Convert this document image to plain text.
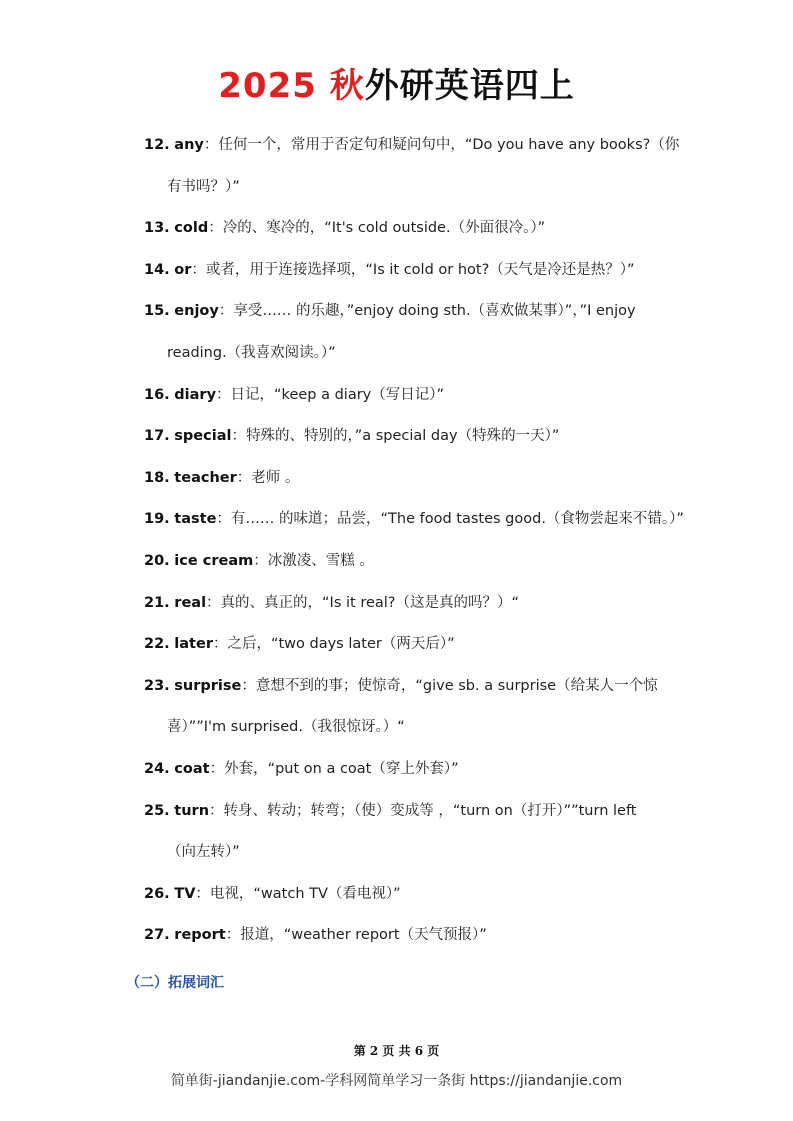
2025 秋外研英语四上
12. any：任何一个，常用于否定句和疑问句中，“Do you have any books?（你
有书吗？）”
13. cold：冷的、寒冷的，“It's cold outside.（外面很冷。）”
14. or：或者，用于连接选择项，“Is it cold or hot?（天气是冷还是热？）”
15. enjoy：享受…… 的乐趣，”enjoy doing sth.（喜欢做某事）”，”I enjoy
reading.（我喜欢阅读。）”
16. diary：日记，“keep a diary（写日记）”
17. special：特殊的、特别的，”a special day（特殊的一天）”
18. teacher：老师 。
19. taste：有…… 的味道；品尝，“The food tastes good.（食物尝起来不错。）”
20. ice cream：冰激凌、雪糕 。
21. real：真的、真正的，“Is it real?（这是真的吗？）“
22. later：之后，“two days later（两天后）”
23. surprise：意想不到的事；使惊奇，“give sb. a surprise（给某人一个惊
喜）””I'm surprised.（我很惊讶。）“
24. coat：外套，“put on a coat（穿上外套）”
25. turn：转身、转动；转弯；（使）变成等 ，“turn on（打开）””turn left
（向左转）”
26. TV：电视，“watch TV（看电视）”
27. report：报道，“weather report（天气预报）”
（二）拓展词汇
第 2 页 共 6 页
简单街-jiandanjie.com-学科网简单学习一条街 https://jiandanjie.com
